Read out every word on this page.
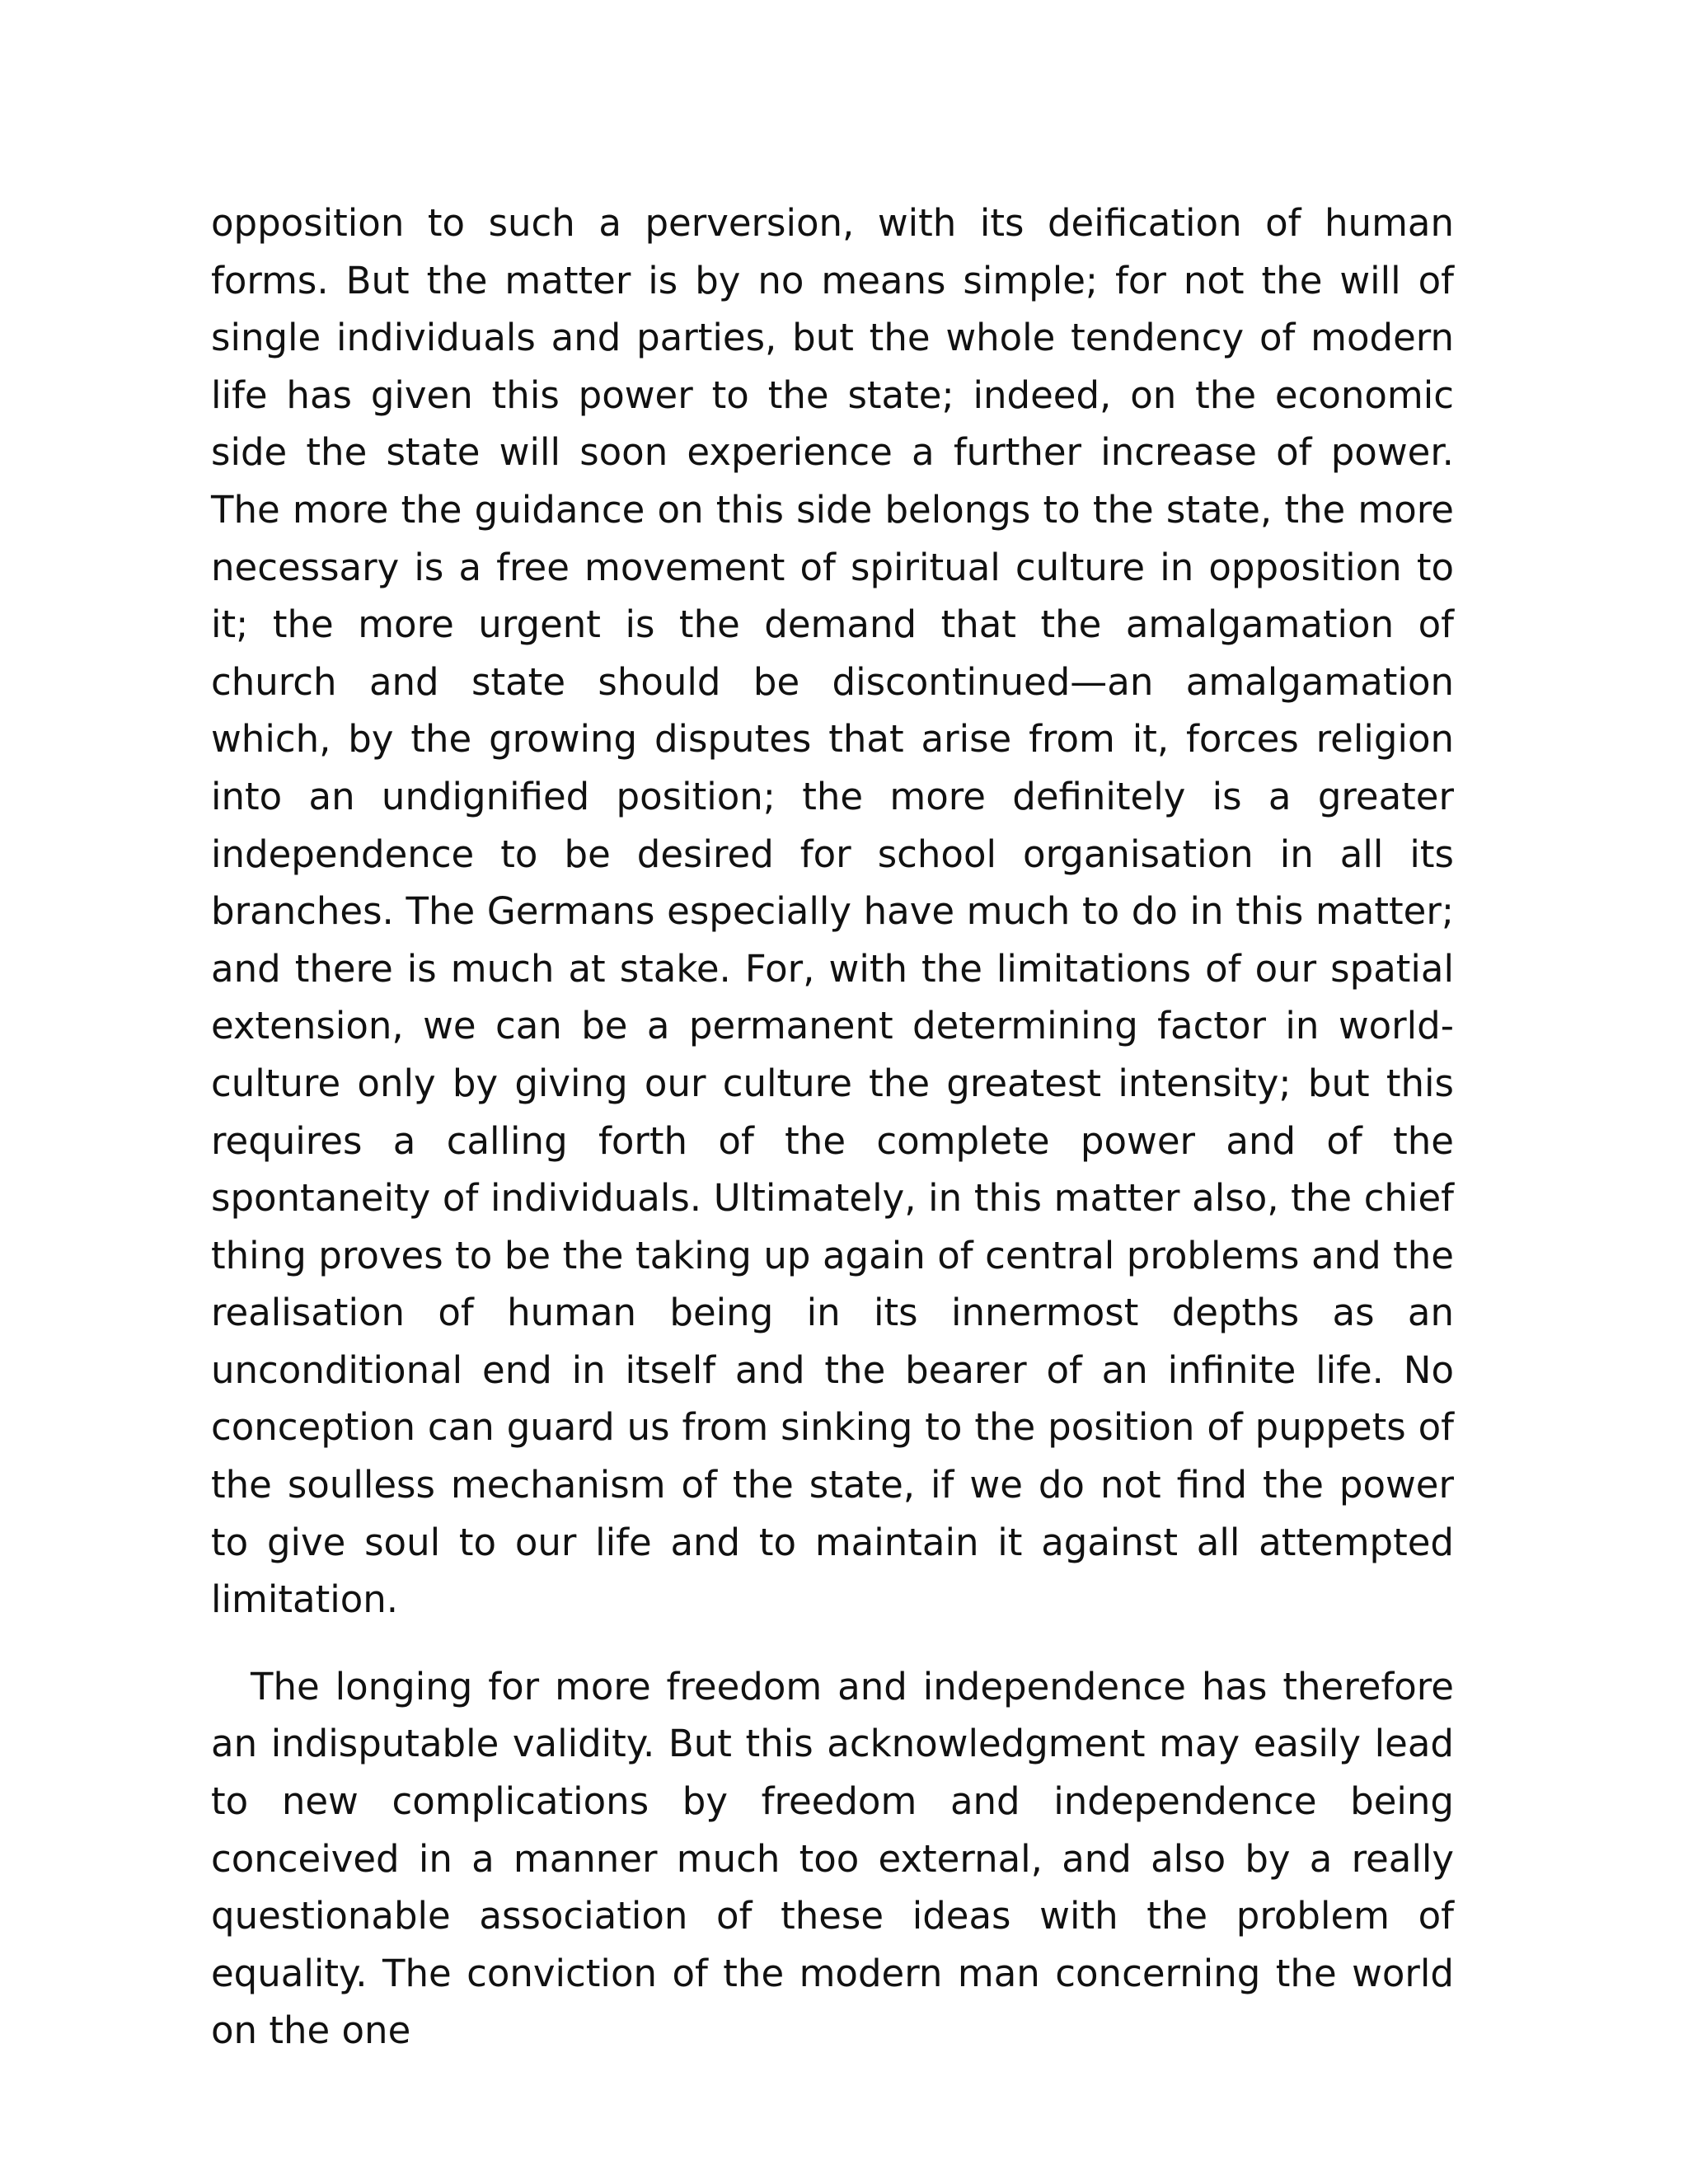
opposition to such a perversion, with its deification of human forms. But the matter is by no means simple; for not the will of single individuals and parties, but the whole tendency of modern life has given this power to the state; indeed, on the economic side the state will soon experience a further increase of power. The more the guidance on this side belongs to the state, the more necessary is a free movement of spiritual culture in opposition to it; the more urgent is the demand that the amalgamation of church and state should be discontinued—an amalgamation which, by the growing disputes that arise from it, forces religion into an undignified position; the more definitely is a greater independence to be desired for school organisation in all its branches. The Germans especially have much to do in this matter; and there is much at stake. For, with the limitations of our spatial extension, we can be a permanent determining factor in world-culture only by giving our culture the greatest intensity; but this requires a calling forth of the complete power and of the spontaneity of individuals. Ultimately, in this matter also, the chief thing proves to be the taking up again of central problems and the realisation of human being in its innermost depths as an unconditional end in itself and the bearer of an infinite life. No conception can guard us from sinking to the position of puppets of the soulless mechanism of the state, if we do not find the power to give soul to our life and to maintain it against all attempted limitation.

The longing for more freedom and independence has therefore an indisputable validity. But this acknowledgment may easily lead to new complications by freedom and independence being conceived in a manner much too external, and also by a really questionable association of these ideas with the problem of equality. The conviction of the modern man concerning the world on the one
